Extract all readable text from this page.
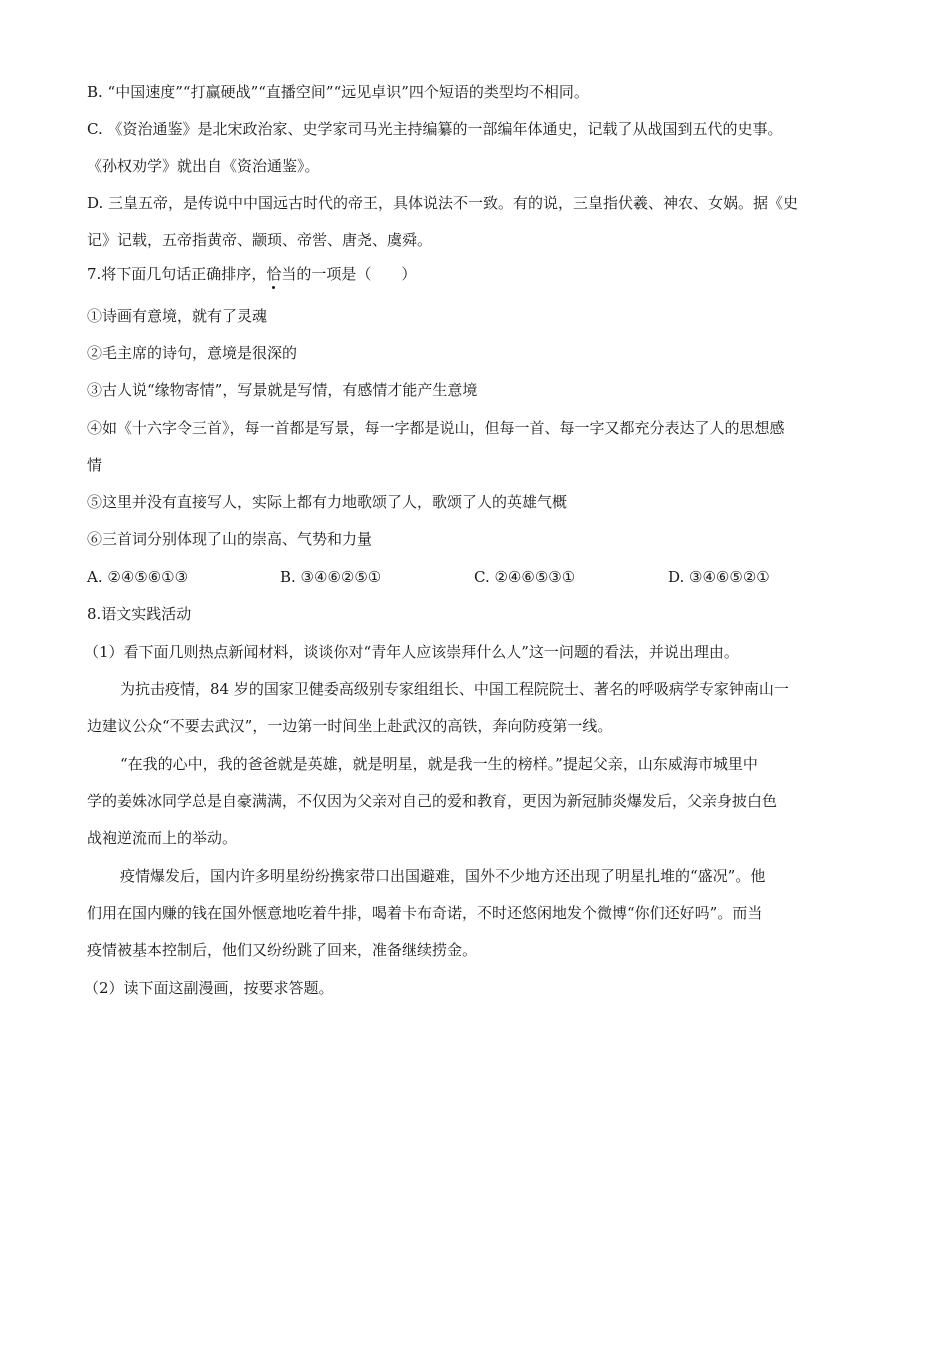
B. “中国速度”“打赢硬战”“直播空间”“远见卓识”四个短语的类型均不相同。
C. 《资治通鉴》是北宋政治家、史学家司马光主持编纂的一部编年体通史，记载了从战国到五代的史事。
《孙权劝学》就出自《资治通鉴》。
D. 三皇五帝，是传说中中国远古时代的帝王，具体说法不一致。有的说，三皇指伏羲、神农、女娲。据《史
记》记载，五帝指黄帝、颛顼、帝喾、唐尧、虞舜。
7.将下面几句话正确排序，恰当的一项是（　　）
①诗画有意境，就有了灵魂
②毛主席的诗句，意境是很深的
③古人说“缘物寄情”，写景就是写情，有感情才能产生意境
④如《十六字令三首》，每一首都是写景，每一字都是说山，但每一首、每一字又都充分表达了人的思想感
情
⑤这里并没有直接写人，实际上都有力地歌颂了人，歌颂了人的英雄气概
⑥三首词分别体现了山的崇高、气势和力量
A. ②④⑤⑥①③	B. ③④⑥②⑤①	C. ②④⑥⑤③①	D. ③④⑥⑤②①
8.语文实践活动
（1）看下面几则热点新闻材料，谈谈你对“青年人应该崇拜什么人”这一问题的看法，并说出理由。
为抗击疫情，84 岁的国家卫健委高级别专家组组长、中国工程院院士、著名的呼吸病学专家钟南山一
边建议公众“不要去武汉”，一边第一时间坐上赴武汉的高铁，奔向防疫第一线。
“在我的心中，我的爸爸就是英雄，就是明星，就是我一生的榜样。”提起父亲，山东威海市城里中
学的姜姝冰同学总是自豪满满，不仅因为父亲对自己的爱和教育，更因为新冠肺炎爆发后，父亲身披白色
战袍逆流而上的举动。
疫情爆发后，国内许多明星纷纷携家带口出国避难，国外不少地方还出现了明星扎堆的“盛况”。他
们用在国内赚的钱在国外惬意地吃着牛排，喝着卡布奇诺，不时还悠闲地发个微博“你们还好吗”。而当
疫情被基本控制后，他们又纷纷跳了回来，准备继续捞金。
（2）读下面这副漫画，按要求答题。
